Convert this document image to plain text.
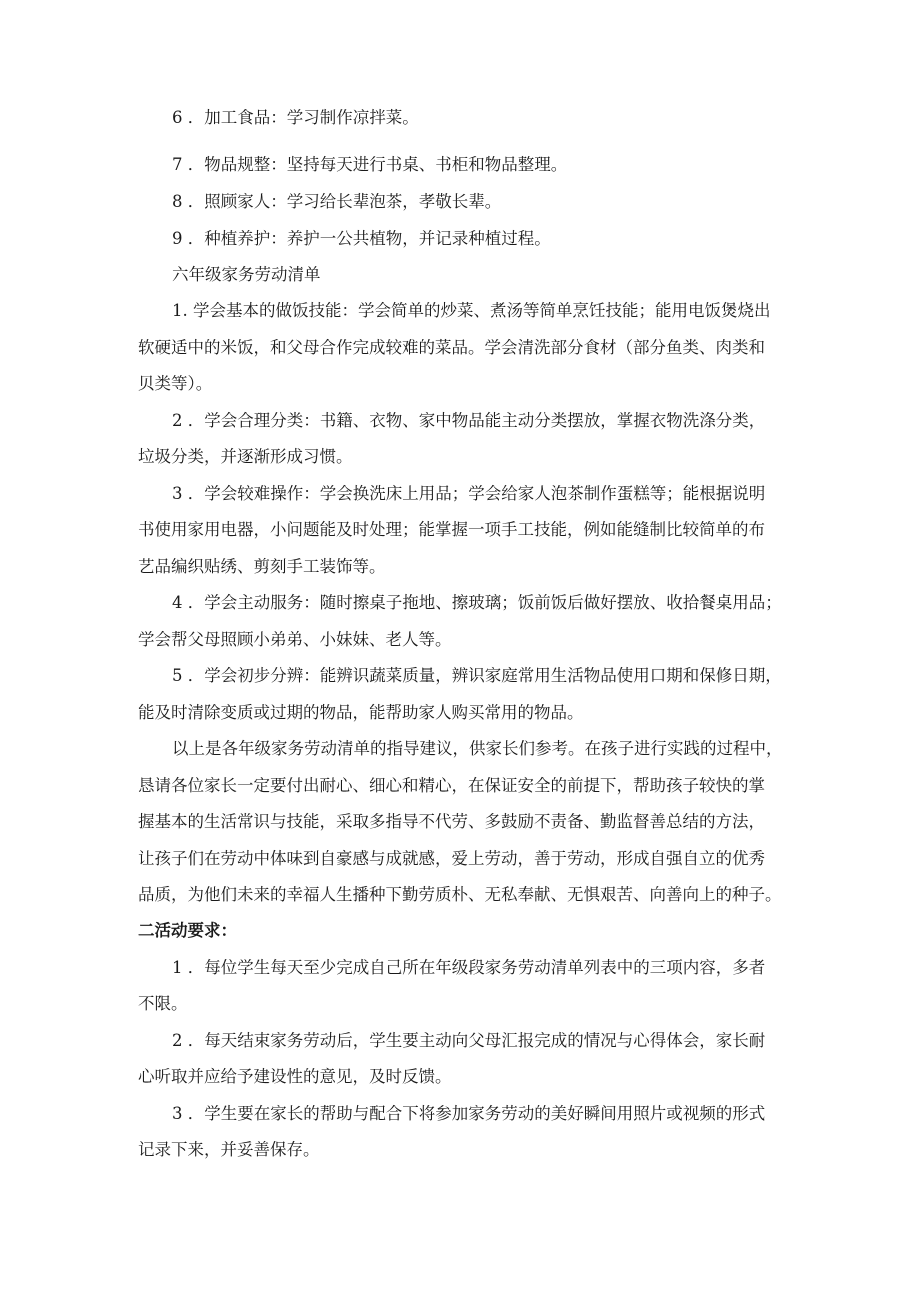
6 ．加工食品：学习制作凉拌菜。
7 ．物品规整：坚持每天进行书桌、书柜和物品整理。
8 ．照顾家人：学习给长辈泡茶，孝敬长辈。
9 ．种植养护：养护一公共植物，并记录种植过程。
六年级家务劳动清单
1. 学会基本的做饭技能：学会简单的炒菜、煮汤等简单烹饪技能；能用电饭煲烧出
软硬适中的米饭，和父母合作完成较难的菜品。学会清洗部分食材（部分鱼类、肉类和
贝类等）。
2 ．学会合理分类：书籍、衣物、家中物品能主动分类摆放，掌握衣物洗涤分类，
垃圾分类，并逐渐形成习惯。
3 ．学会较难操作：学会换洗床上用品；学会给家人泡茶制作蛋糕等；能根据说明
书使用家用电器，小问题能及时处理；能掌握一项手工技能，例如能缝制比较简单的布
艺品编织贴绣、剪刻手工装饰等。
4 ．学会主动服务：随时擦桌子拖地、擦玻璃；饭前饭后做好摆放、收拾餐桌用品；
学会帮父母照顾小弟弟、小妹妹、老人等。
5 ．学会初步分辨：能辨识蔬菜质量，辨识家庭常用生活物品使用口期和保修日期，
能及时清除变质或过期的物品，能帮助家人购买常用的物品。
以上是各年级家务劳动清单的指导建议，供家长们参考。在孩子进行实践的过程中，
恳请各位家长一定要付出耐心、细心和精心，在保证安全的前提下，帮助孩子较快的掌
握基本的生活常识与技能，采取多指导不代劳、多鼓励不责备、勤监督善总结的方法，
让孩子们在劳动中体味到自豪感与成就感，爱上劳动，善于劳动，形成自强自立的优秀
品质，为他们未来的幸福人生播种下勤劳质朴、无私奉献、无惧艰苦、向善向上的种子。
二活动要求：
1 ．每位学生每天至少完成自己所在年级段家务劳动清单列表中的三项内容，多者
不限。
2 ．每天结束家务劳动后，学生要主动向父母汇报完成的情况与心得体会，家长耐
心听取并应给予建设性的意见，及时反馈。
3 ．学生要在家长的帮助与配合下将参加家务劳动的美好瞬间用照片或视频的形式
记录下来，并妥善保存。
